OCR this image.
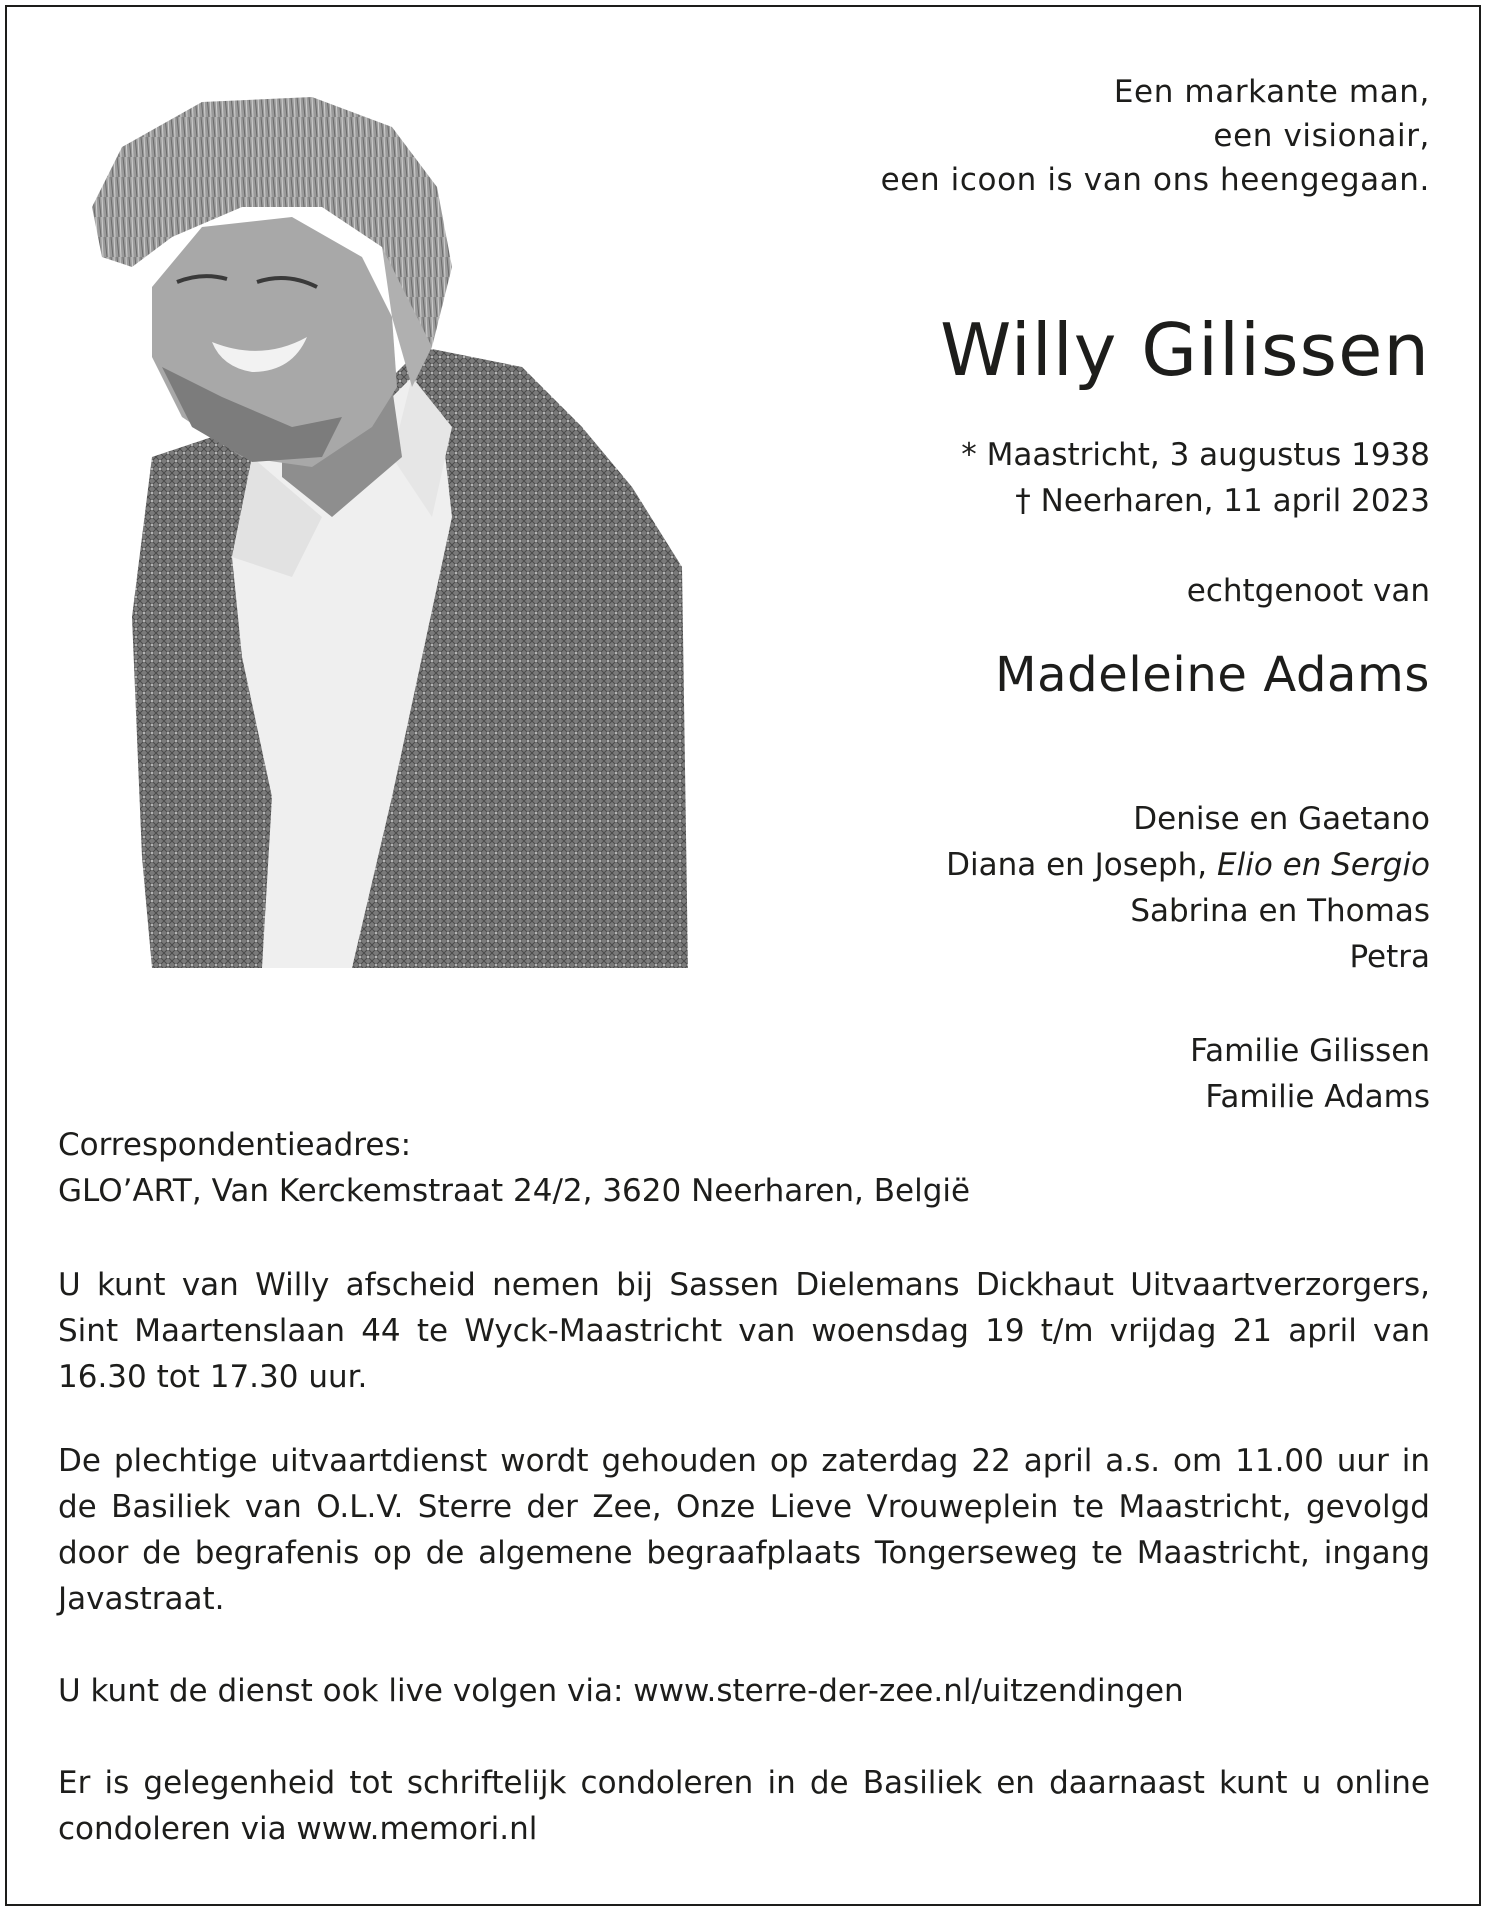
Een markante man,
een visionair,
een icoon is van ons heengegaan.
Willy Gilissen
* Maastricht, 3 augustus 1938
† Neerharen, 11 april 2023
echtgenoot van
Madeleine Adams
Denise en Gaetano
Diana en Joseph, Elio en Sergio
Sabrina en Thomas
Petra
Familie Gilissen
Familie Adams
Correspondentieadres:
GLO’ART, Van Kerckemstraat 24/2, 3620 Neerharen, België

U kunt van Willy afscheid nemen bij Sassen Dielemans Dickhaut Uitvaartverzorgers, Sint Maartenslaan 44 te Wyck-Maastricht van woensdag 19 t/m vrijdag 21 april van 16.30 tot 17.30 uur.

De plechtige uitvaartdienst wordt gehouden op zaterdag 22 april a.s. om 11.00 uur in de Basiliek van O.L.V. Sterre der Zee, Onze Lieve Vrouweplein te Maastricht, gevolgd door de begrafenis op de algemene begraafplaats Tongerseweg te Maastricht, ingang Javastraat.

U kunt de dienst ook live volgen via: www.sterre-der-zee.nl/uitzendingen

Er is gelegenheid tot schriftelijk condoleren in de Basiliek en daarnaast kunt u online condoleren via www.memori.nl
